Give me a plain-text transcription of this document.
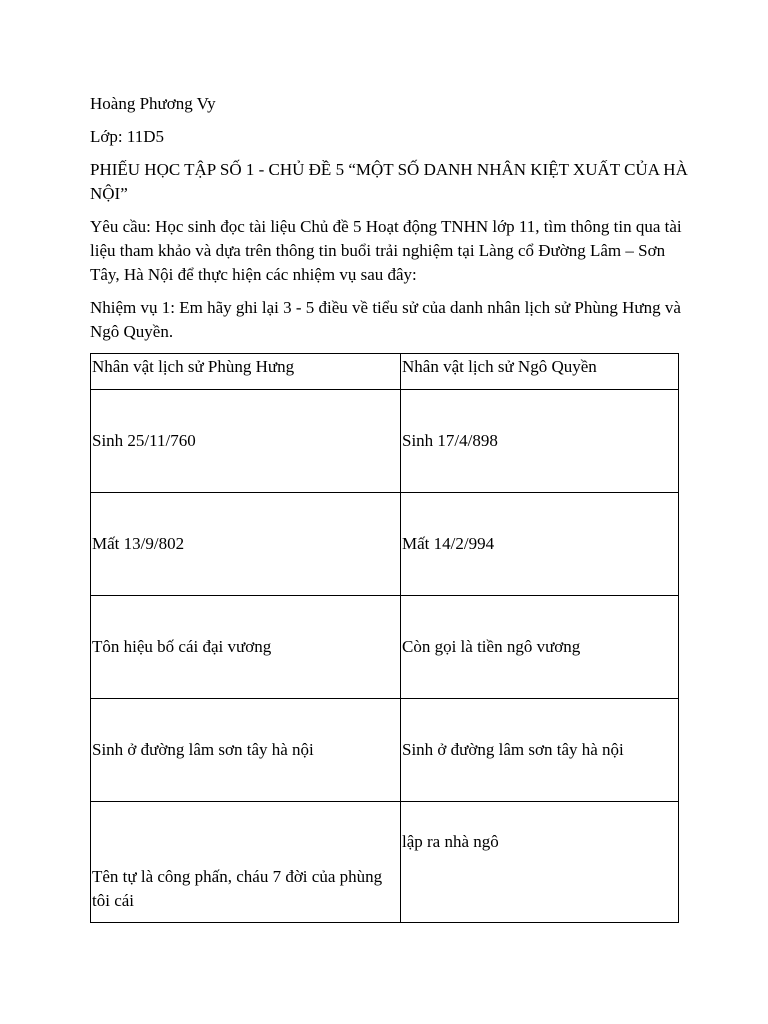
Hoàng Phương Vy

Lớp: 11D5

PHIẾU HỌC TẬP SỐ 1 - CHỦ ĐỀ 5 “MỘT SỐ DANH NHÂN KIỆT XUẤT CỦA HÀ NỘI”

Yêu cầu: Học sinh đọc tài liệu Chủ đề 5 Hoạt động TNHN lớp 11, tìm thông tin qua tài liệu tham khảo và dựa trên thông tin buổi trải nghiệm tại Làng cổ Đường Lâm – Sơn Tây, Hà Nội để thực hiện các nhiệm vụ sau đây:

Nhiệm vụ 1: Em hãy ghi lại 3 - 5 điều về tiểu sử của danh nhân lịch sử Phùng Hưng và Ngô Quyền.

Nhân vật lịch sử Phùng Hưng	Nhân vật lịch sử Ngô Quyền
Sinh 25/11/760	Sinh 17/4/898
Mất 13/9/802	Mất 14/2/994
Tôn hiệu bố cái đại vương	Còn gọi là tiền ngô vương
Sinh ở đường lâm sơn tây hà nội	Sinh ở đường lâm sơn tây hà nội
Tên tự là công phấn, cháu 7 đời của phùng tôi cái	lập ra nhà ngô
